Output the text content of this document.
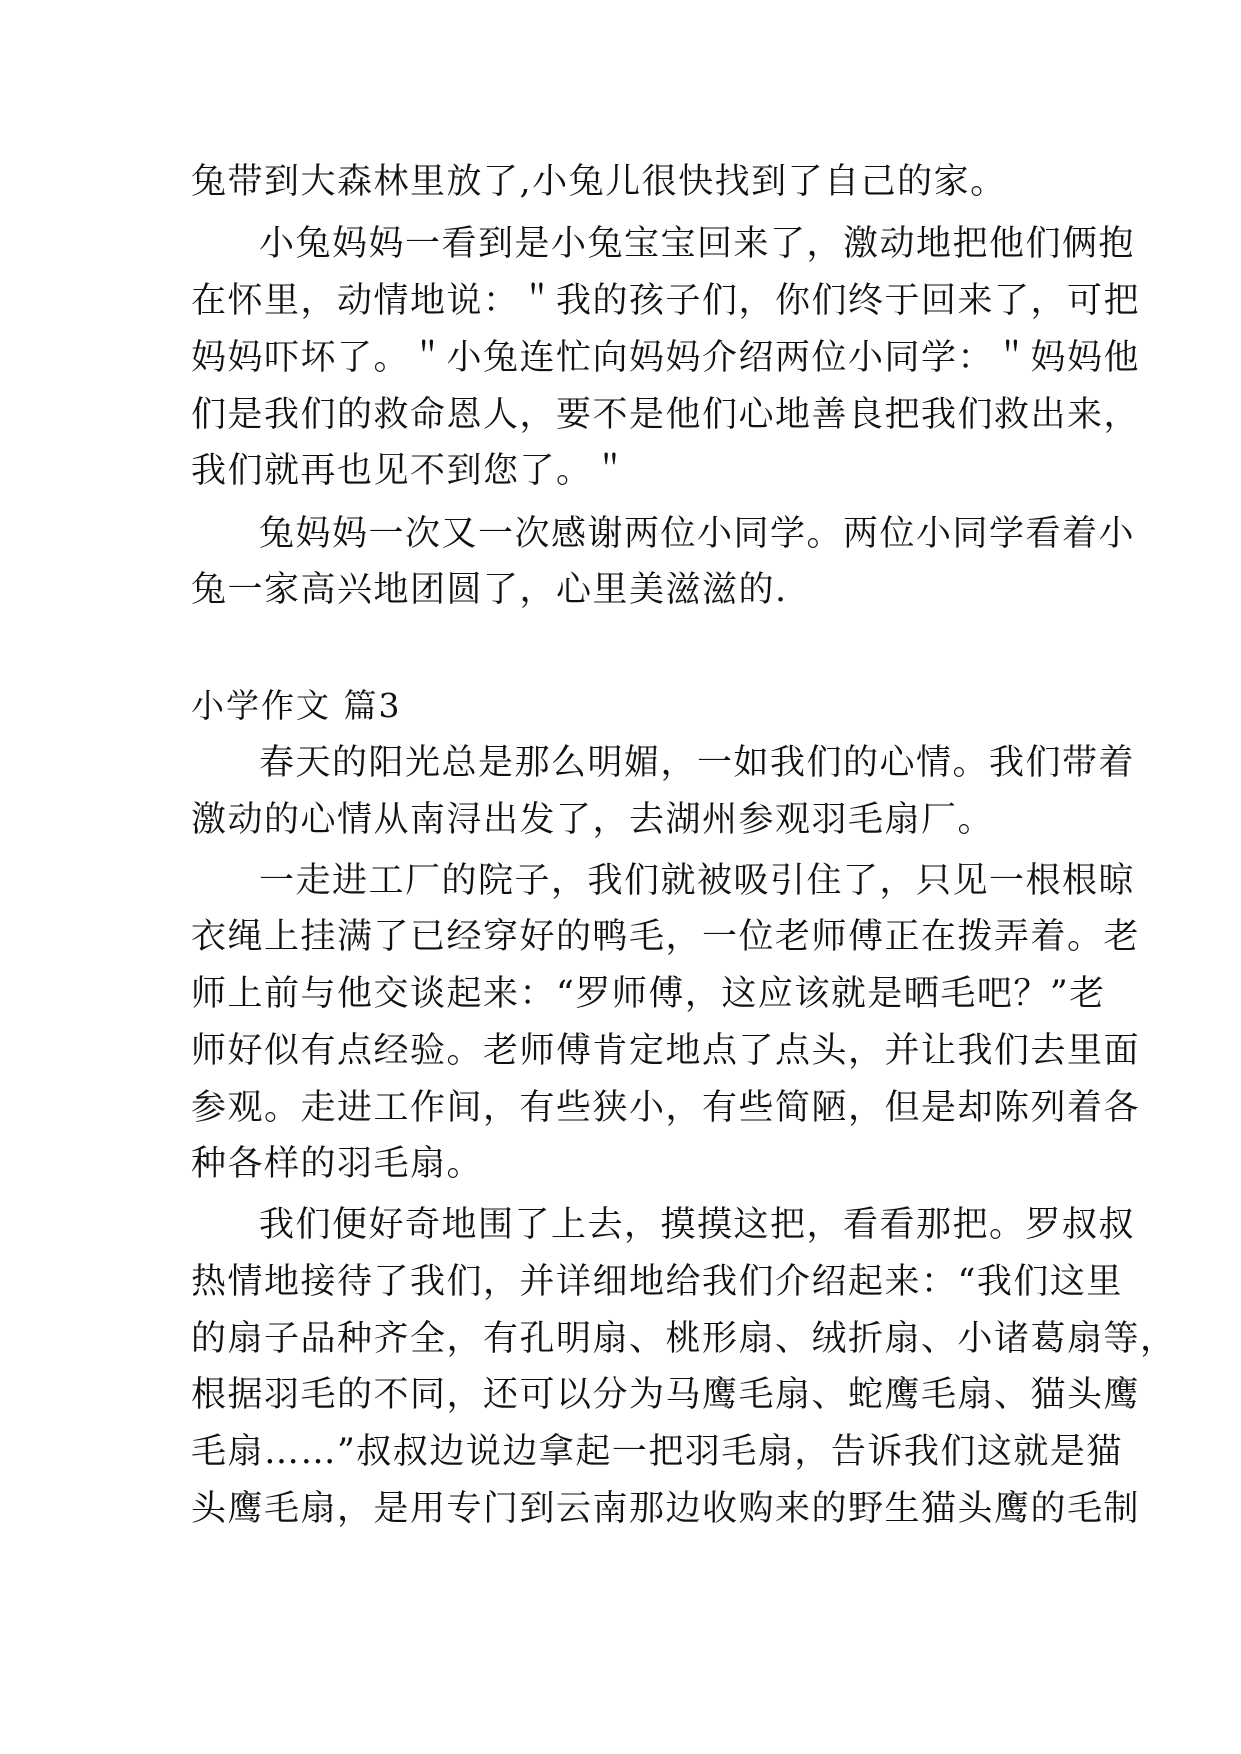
兔带到大森林里放了,小兔儿很快找到了自己的家。
小兔妈妈一看到是小兔宝宝回来了，激动地把他们俩抱
在怀里，动情地说：＂我的孩子们，你们终于回来了，可把
妈妈吓坏了。＂小兔连忙向妈妈介绍两位小同学：＂妈妈他
们是我们的救命恩人，要不是他们心地善良把我们救出来，
我们就再也见不到您了。＂
兔妈妈一次又一次感谢两位小同学。两位小同学看着小
兔一家高兴地团圆了，心里美滋滋的.
小学作文 篇3
春天的阳光总是那么明媚，一如我们的心情。我们带着
激动的心情从南浔出发了，去湖州参观羽毛扇厂。
一走进工厂的院子，我们就被吸引住了，只见一根根晾
衣绳上挂满了已经穿好的鸭毛，一位老师傅正在拨弄着。老
师上前与他交谈起来：“罗师傅，这应该就是晒毛吧？”老
师好似有点经验。老师傅肯定地点了点头，并让我们去里面
参观。走进工作间，有些狭小，有些简陋，但是却陈列着各
种各样的羽毛扇。
我们便好奇地围了上去，摸摸这把，看看那把。罗叔叔
热情地接待了我们，并详细地给我们介绍起来：“我们这里
的扇子品种齐全，有孔明扇、桃形扇、绒折扇、小诸葛扇等，
根据羽毛的不同，还可以分为马鹰毛扇、蛇鹰毛扇、猫头鹰
毛扇……”叔叔边说边拿起一把羽毛扇，告诉我们这就是猫
头鹰毛扇，是用专门到云南那边收购来的野生猫头鹰的毛制
